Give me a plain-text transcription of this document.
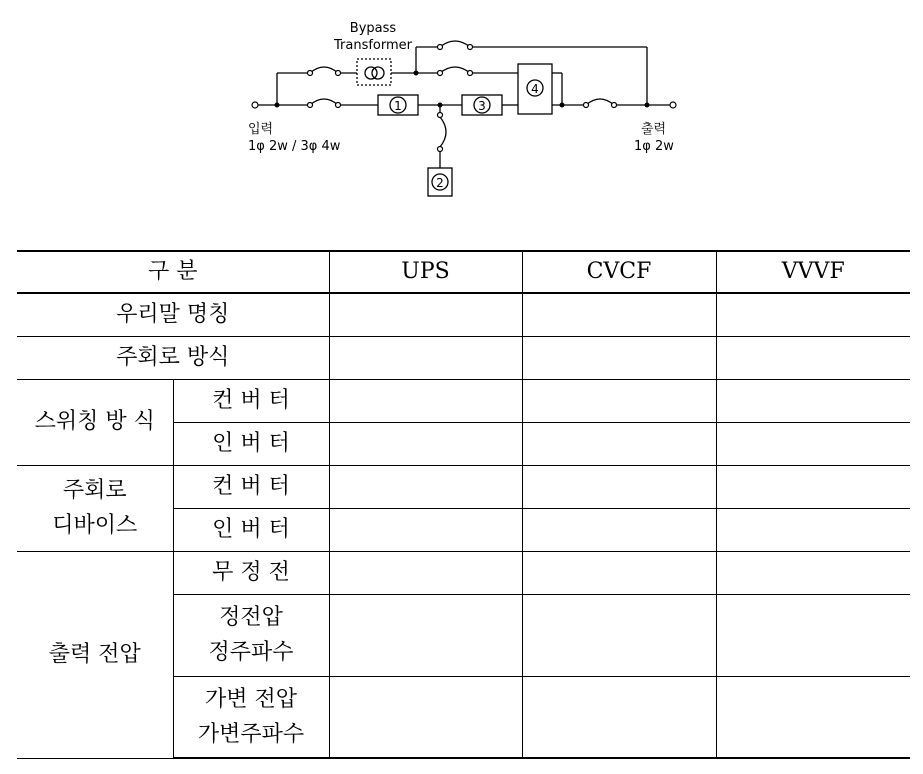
Bypass
Transformer
입력
1φ 2w / 3φ 4w
출력
1φ 2w
1	3
4
2
구 분		UPS	CVCF	VVVF
우리말 명칭				
주회로 방식				
스위칭 방 식	컨 버 터			
	인 버 터			

주회로
디바이스	컨 버 터			
	인 버 터			
출력 전압	무 정 전			

	정전압
정주파수			

	가변 전압
가변주파수			
